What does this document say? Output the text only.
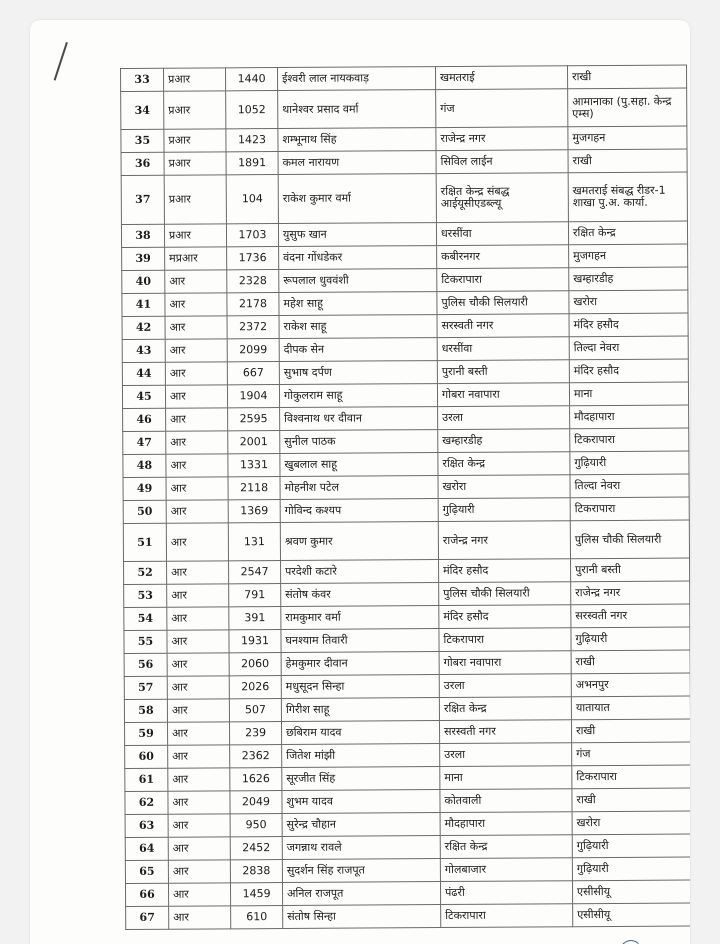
33	प्रआर	1440	ईश्वरी लाल नायकवाड़	खमतराई	राखी
34	प्रआर	1052	थानेश्वर प्रसाद वर्मा	गंज	आमानाका (पु.सहा. केन्द्र एम्स)
35	प्रआर	1423	शम्भूनाथ सिंह	राजेन्द्र नगर	मुजगहन
36	प्रआर	1891	कमल नारायण	सिविल लाईन	राखी
37	प्रआर	104	राकेश कुमार वर्मा	रक्षित केन्द्र संबद्ध आईयूसीएडब्ल्यू	खमतराई संबद्ध रीडर-1 शाखा पु.अ. कार्या.
38	प्रआर	1703	युसुफ खान	धरसींवा	रक्षित केन्द्र
39	मप्रआर	1736	वंदना गोंधडेकर	कबीरनगर	मुजगहन
40	आर	2328	रूपलाल धुववंशी	टिकरापारा	खम्हारडीह
41	आर	2178	महेश साहू	पुलिस चौकी सिलयारी	खरोरा
42	आर	2372	राकेश साहू	सरस्वती नगर	मंदिर हसौद
43	आर	2099	दीपक सेन	धरसींवा	तिल्दा नेवरा
44	आर	667	सुभाष दर्पण	पुरानी बस्ती	मंदिर हसौद
45	आर	1904	गोकुलराम साहू	गोबरा नवापारा	माना
46	आर	2595	विश्वनाथ धर दीवान	उरला	मौदहापारा
47	आर	2001	सुनील पाठक	खम्हारडीह	टिकरापारा
48	आर	1331	खुबलाल साहू	रक्षित केन्द्र	गुढ़ियारी
49	आर	2118	मोहनीश पटेल	खरोरा	तिल्दा नेवरा
50	आर	1369	गोविन्द कश्यप	गुढ़ियारी	टिकरापारा
51	आर	131	श्रवण कुमार	राजेन्द्र नगर	पुलिस चौकी सिलयारी
52	आर	2547	परदेशी कटारे	मंदिर हसौद	पुरानी बस्ती
53	आर	791	संतोष कंवर	पुलिस चौकी सिलयारी	राजेन्द्र नगर
54	आर	391	रामकुमार वर्मा	मंदिर हसौद	सरस्वती नगर
55	आर	1931	घनश्याम तिवारी	टिकरापारा	गुढ़ियारी
56	आर	2060	हेमकुमार दीवान	गोबरा नवापारा	राखी
57	आर	2026	मधुसूदन सिन्हा	उरला	अभनपुर
58	आर	507	गिरीश साहू	रक्षित केन्द्र	यातायात
59	आर	239	छबिराम यादव	सरस्वती नगर	राखी
60	आर	2362	जितेश मांझी	उरला	गंज
61	आर	1626	सूरजीत सिंह	माना	टिकरापारा
62	आर	2049	शुभम यादव	कोतवाली	राखी
63	आर	950	सुरेन्द्र चौहान	मौदहापारा	खरोरा
64	आर	2452	जगन्नाथ रावले	रक्षित केन्द्र	गुढ़ियारी
65	आर	2838	सुदर्शन सिंह राजपूत	गोलबाजार	गुढ़ियारी
66	आर	1459	अनिल राजपूत	पंढरी	एसीसीयू
67	आर	610	संतोष सिन्हा	टिकरापारा	एसीसीयू
